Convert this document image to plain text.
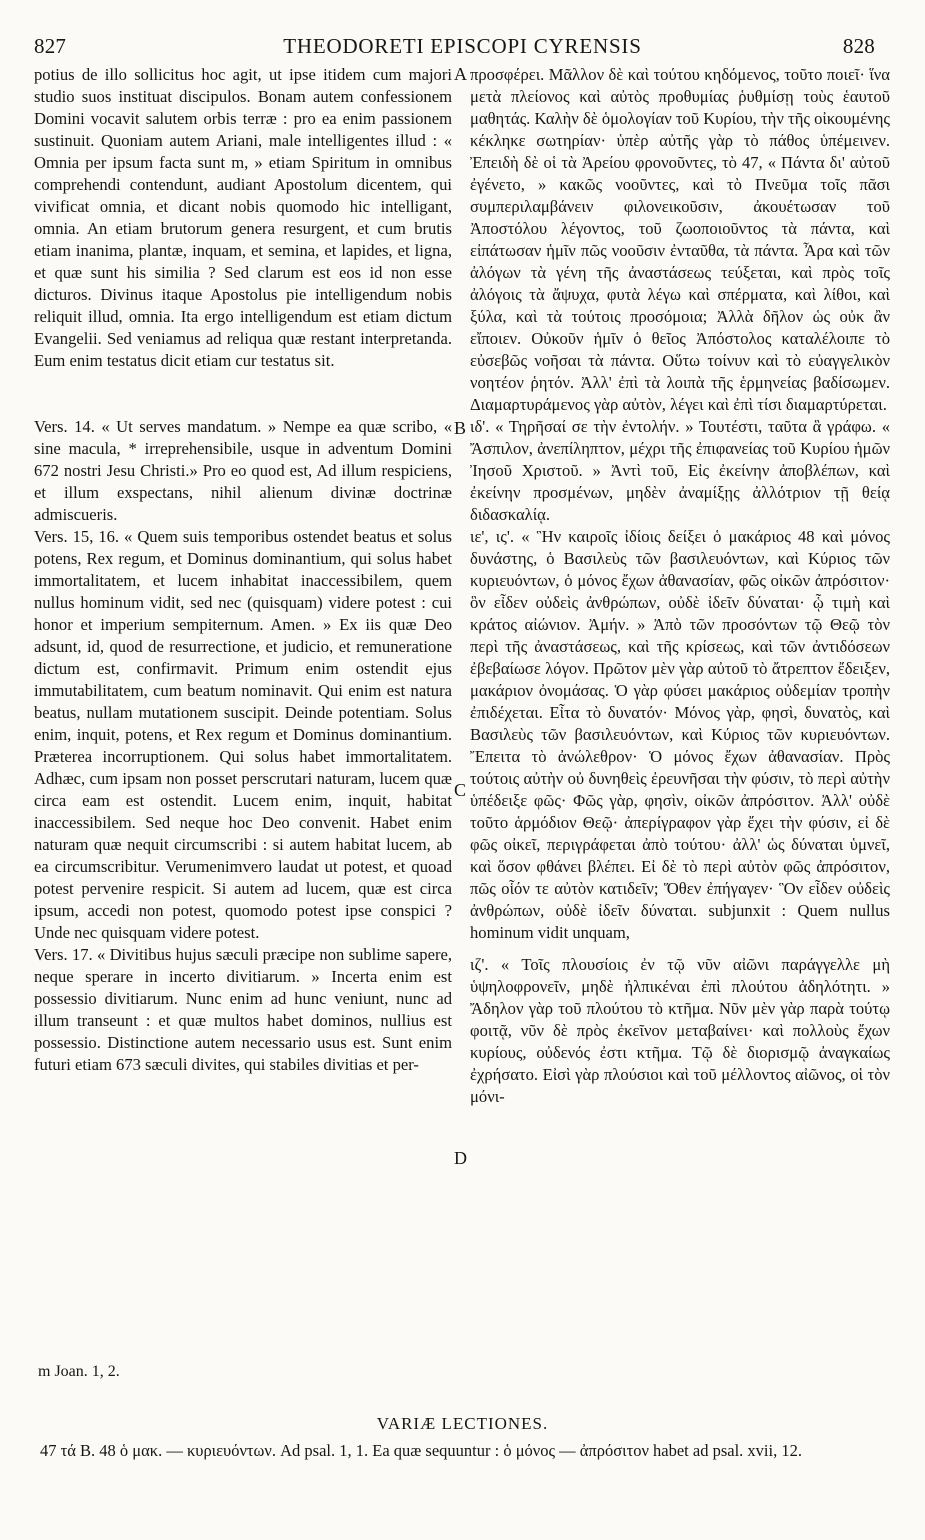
827	THEODORETI EPISCOPI CYRENSIS	828

potius de illo sollicitus hoc agit, ut ipse itidem cum majori studio suos instituat discipulos. Bonam autem confessionem Domini vocavit salutem orbis terræ : pro ea enim passionem sustinuit. Quoniam autem Ariani, male intelligentes illud : « Omnia per ipsum facta sunt m, » etiam Spiritum in omnibus comprehendi contendunt, audiant Apostolum dicentem, qui vivificat omnia, et dicant nobis quomodo hic intelligant, omnia. An etiam brutorum genera resurgent, et cum brutis etiam inanima, plantæ, inquam, et semina, et lapides, et ligna, et quæ sunt his similia ? Sed clarum est eos id non esse dicturos. Divinus itaque Apostolus pie intelligendum nobis reliquit illud, omnia. Ita ergo intelligendum est etiam dictum Evangelii. Sed veniamus ad reliqua quæ restant interpretanda. Eum enim testatus dicit etiam cur testatus sit.

Vers. 14. « Ut serves mandatum. » Nempe ea quæ scribo, « sine macula, * irreprehensibile, usque in adventum Domini 672 nostri Jesu Christi.» Pro eo quod est, Ad illum respiciens, et illum exspectans, nihil alienum divinæ doctrinæ admiscueris.

Vers. 15, 16. « Quem suis temporibus ostendet beatus et solus potens, Rex regum, et Dominus dominantium, qui solus habet immortalitatem, et lucem inhabitat inaccessibilem, quem nullus hominum vidit, sed nec (quisquam) videre potest : cui honor et imperium sempiternum. Amen. » Ex iis quæ Deo adsunt, id, quod de resurrectione, et judicio, et remuneratione dictum est, confirmavit. Primum enim ostendit ejus immutabilitatem, cum beatum nominavit. Qui enim est natura beatus, nullam mutationem suscipit. Deinde potentiam. Solus enim, inquit, potens, et Rex regum et Dominus dominantium. Præterea incorruptionem. Qui solus habet immortalitatem. Adhæc, cum ipsam non posset perscrutari naturam, lucem quæ circa eam est ostendit. Lucem enim, inquit, habitat inaccessibilem. Sed neque hoc Deo convenit. Habet enim naturam quæ nequit circumscribi : si autem habitat lucem, ab ea circumscribitur. Verumenimvero laudat ut potest, et quoad potest pervenire respicit. Si autem ad lucem, quæ est circa ipsum, accedi non potest, quomodo potest ipse conspici ? Unde nec quisquam videre potest.

Vers. 17. « Divitibus hujus sæculi præcipe non sublime sapere, neque sperare in incerto divitiarum. » Incerta enim est possessio divitiarum. Nunc enim ad hunc veniunt, nunc ad illum transeunt : et quæ multos habet dominos, nullius est possessio. Distinctione autem necessario usus est. Sunt enim futuri etiam 673 sæculi divites, qui stabiles divitias et per-

A
B
C
D

προσφέρει. Μᾶλλον δὲ καὶ τούτου κηδόμενος, τοῦτο ποιεῖ· ἵνα μετὰ πλείονος καὶ αὐτὸς προθυμίας ῥυθμίσῃ τοὺς ἑαυτοῦ μαθητάς. Καλὴν δὲ ὁμολογίαν τοῦ Κυρίου, τὴν τῆς οἰκουμένης κέκληκε σωτηρίαν· ὑπὲρ αὐτῆς γὰρ τὸ πάθος ὑπέμεινεν. Ἐπειδὴ δὲ οἱ τὰ Ἀρείου φρονοῦντες, τὸ 47, « Πάντα δι' αὐτοῦ ἐγένετο, » κακῶς νοοῦντες, καὶ τὸ Πνεῦμα τοῖς πᾶσι συμπεριλαμβάνειν φιλονεικοῦσιν, ἀκουέτωσαν τοῦ Ἀποστόλου λέγοντος, τοῦ ζωοποιοῦντος τὰ πάντα, καὶ εἰπάτωσαν ἡμῖν πῶς νοοῦσιν ἐνταῦθα, τὰ πάντα. Ἆρα καὶ τῶν ἀλόγων τὰ γένη τῆς ἀναστάσεως τεύξεται, καὶ πρὸς τοῖς ἀλόγοις τὰ ἄψυχα, φυτὰ λέγω καὶ σπέρματα, καὶ λίθοι, καὶ ξύλα, καὶ τὰ τούτοις προσόμοια; Ἀλλὰ δῆλον ὡς οὐκ ἂν εἴποιεν. Οὐκοῦν ἡμῖν ὁ θεῖος Ἀπόστολος καταλέλοιπε τὸ εὐσεβῶς νοῆσαι τὰ πάντα. Οὕτω τοίνυν καὶ τὸ εὐαγγελικὸν νοητέον ῥητόν. Ἀλλ' ἐπὶ τὰ λοιπὰ τῆς ἑρμηνείας βαδίσωμεν. Διαμαρτυράμενος γὰρ αὐτὸν, λέγει καὶ ἐπὶ τίσι διαμαρτύρεται.

ιδ'. « Τηρῆσαί σε τὴν ἐντολήν. » Τουτέστι, ταῦτα ἃ γράφω. « Ἄσπιλον, ἀνεπίληπτον, μέχρι τῆς ἐπιφανείας τοῦ Κυρίου ἡμῶν Ἰησοῦ Χριστοῦ. » Ἀντὶ τοῦ, Εἰς ἐκείνην ἀποβλέπων, καὶ ἐκείνην προσμένων, μηδὲν ἀναμίξῃς ἀλλότριον τῇ θείᾳ διδασκαλίᾳ.

ιε', ις'. « Ἣν καιροῖς ἰδίοις δείξει ὁ μακάριος 48 καὶ μόνος δυνάστης, ὁ Βασιλεὺς τῶν βασιλευόντων, καὶ Κύριος τῶν κυριευόντων, ὁ μόνος ἔχων ἀθανασίαν, φῶς οἰκῶν ἀπρόσιτον· ὃν εἶδεν οὐδεὶς ἀνθρώπων, οὐδὲ ἰδεῖν δύναται· ᾧ τιμὴ καὶ κράτος αἰώνιον. Ἀμήν. » Ἀπὸ τῶν προσόντων τῷ Θεῷ τὸν περὶ τῆς ἀναστάσεως, καὶ τῆς κρίσεως, καὶ τῶν ἀντιδόσεων ἐβεβαίωσε λόγον. Πρῶτον μὲν γὰρ αὐτοῦ τὸ ἄτρεπτον ἔδειξεν, μακάριον ὀνομάσας. Ὁ γὰρ φύσει μακάριος οὐδεμίαν τροπὴν ἐπιδέχεται. Εἶτα τὸ δυνατόν· Μόνος γὰρ, φησὶ, δυνατὸς, καὶ Βασιλεὺς τῶν βασιλευόντων, καὶ Κύριος τῶν κυριευόντων. Ἔπειτα τὸ ἀνώλεθρον· Ὁ μόνος ἔχων ἀθανασίαν. Πρὸς τούτοις αὐτὴν οὐ δυνηθεὶς ἐρευνῆσαι τὴν φύσιν, τὸ περὶ αὐτὴν ὑπέδειξε φῶς· Φῶς γὰρ, φησὶν, οἰκῶν ἀπρόσιτον. Ἀλλ' οὐδὲ τοῦτο ἁρμόδιον Θεῷ· ἀπερίγραφον γὰρ ἔχει τὴν φύσιν, εἰ δὲ φῶς οἰκεῖ, περιγράφεται ἀπὸ τούτου· ἀλλ' ὡς δύναται ὑμνεῖ, καὶ ὅσον φθάνει βλέπει. Εἰ δὲ τὸ περὶ αὐτὸν φῶς ἀπρόσιτον, πῶς οἷόν τε αὐτὸν κατιδεῖν; Ὅθεν ἐπήγαγεν· Ὃν εἶδεν οὐδεὶς ἀνθρώπων, οὐδὲ ἰδεῖν δύναται. subjunxit : Quem nullus hominum vidit unquam,

ιζ'. « Τοῖς πλουσίοις ἐν τῷ νῦν αἰῶνι παράγγελλε μὴ ὑψηλοφρονεῖν, μηδὲ ἠλπικέναι ἐπὶ πλούτου ἀδηλότητι. » Ἄδηλον γὰρ τοῦ πλούτου τὸ κτῆμα. Νῦν μὲν γὰρ παρὰ τούτῳ φοιτᾷ, νῦν δὲ πρὸς ἐκεῖνον μεταβαίνει· καὶ πολλοὺς ἔχων κυρίους, οὐδενός ἐστι κτῆμα. Τῷ δὲ διορισμῷ ἀναγκαίως ἐχρήσατο. Εἰσὶ γὰρ πλούσιοι καὶ τοῦ μέλλοντος αἰῶνος, οἱ τὸν μόνι-

m Joan. 1, 2.
VARIÆ LECTIONES.
47 τά B. 48 ὁ μακ. — κυριευόντων. Ad psal. 1, 1. Ea quæ sequuntur : ὁ μόνος — ἀπρόσιτον habet ad psal. xvii, 12.
